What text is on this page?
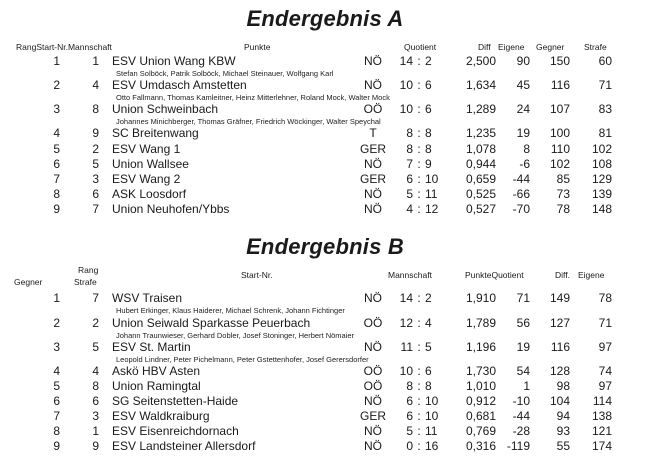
Endergebnis A
RangStart-Nr.Mannschaft	Punkte	Quotient	Diff Eigene Gegner Strafe
1	1 ESV Union Wang KBW	NÖ	14 : 2	2,500 90 150 60
Stefan Solböck, Patrik Solböck, Michael Steinauer, Wolfgang Karl
2	4 ESV Umdasch Amstetten	NÖ	10 : 6	1,634 45 116 71
Otto Fallmann, Thomas Kamleitner, Heinz Mitterlehner, Roland Mock, Walter Mock
3	8 Union Schweinbach	OÖ	10 : 6	1,289 24 107 83
Johannes Minichberger, Thomas Gräfner, Friedrich Wöckinger, Walter Speychal
4	9 SC Breitenwang	T	8 : 8	1,235 19 100 81
5	2 ESV Wang 1	GER 8 : 8	1,078 8 110 102
6	5 Union Wallsee	NÖ	7 : 9	0,944 -6 102 108
7	3 ESV Wang 2	GER 6 : 10 0,659 -44 85 129
8	6 ASK Loosdorf	NÖ	5 : 11 0,525 -66 73 139
9	7 Union Neuhofen/Ybbs	NÖ	4 : 12 0,527 -70 78 148
Endergebnis B
Rang
Strafe
Gegner
Start-Nr.	Mannschaft	PunkteQuotient	Diff. Eigene
1	7 WSV Traisen	NÖ	14 : 2	1,910 71 149 78
Hubert Erkinger, Klaus Haiderer, Michael Schrenk, Johann Fichtinger
2	2 Union Seiwald Sparkasse Peuerbach	OÖ	12 : 4	1,789 56 127 71
Johann Traunwieser, Gerhard Dobler, Josef Stoninger, Herbert Nömaier
3	5 ESV St. Martin	NÖ	11 : 5	1,196 19 116 97
Leopold Lindner, Peter Pichelmann, Peter Gstettenhofer, Josef Gerersdorfer
4	4 Askö HBV Asten	OÖ	10 : 6	1,730 54 128 74
5	8 Union Ramingtal	OÖ	8 : 8	1,010 1 98 97
6	6 SG Seitenstetten-Haide	NÖ	6 : 10 0,912 -10 104 114
7	3 ESV Waldkraiburg	GER 6 : 10 0,681 -44 94 138
8	1 ESV Eisenreichdornach	NÖ	5 : 11 0,769 -28 93 121
9	9 ESV Landsteiner Allersdorf	NÖ	0 : 16 0,316 -119 55 174
